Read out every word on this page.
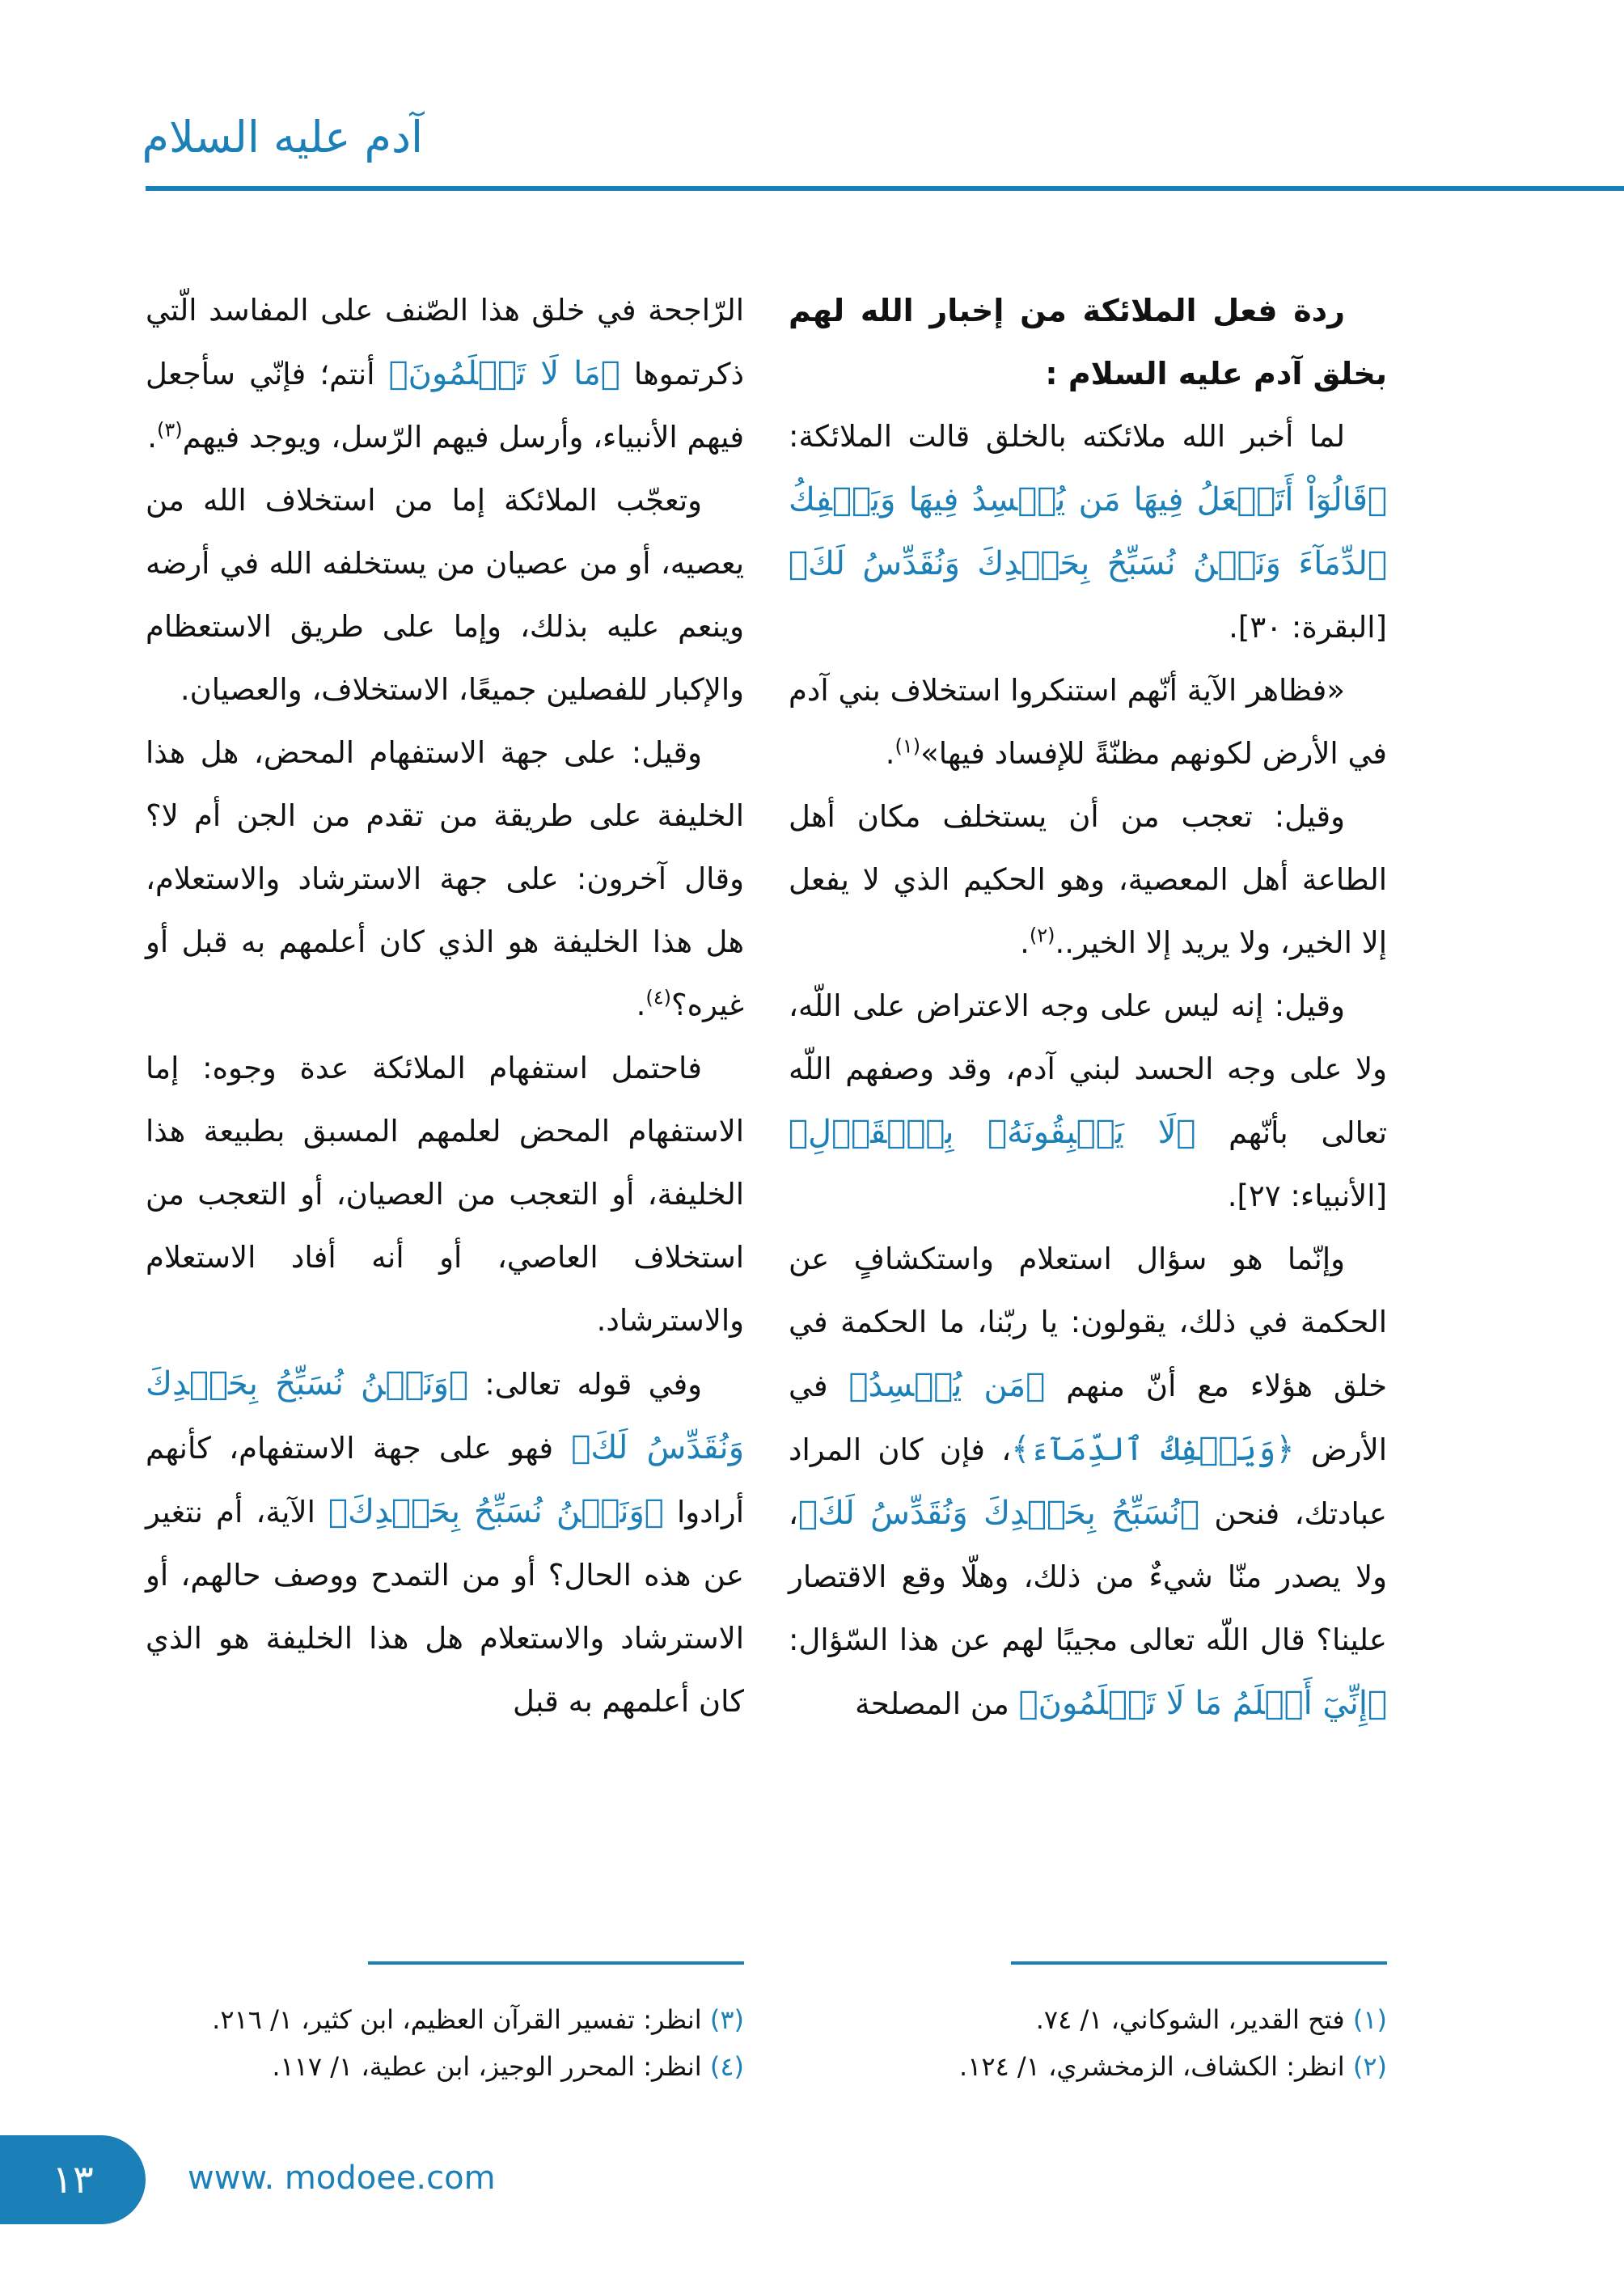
آدم عليه السلام

ردة فعل الملائكة من إخبار الله لهم بخلق آدم عليه السلام :

لما أخبر الله ملائكته بالخلق قالت الملائكة: ﴿قَالُوٓاْ أَتَجۡعَلُ فِيهَا مَن يُفۡسِدُ فِيهَا وَيَسۡفِكُ ٱلدِّمَآءَ وَنَحۡنُ نُسَبِّحُ بِحَمۡدِكَ وَنُقَدِّسُ لَكَ﴾ [البقرة: ٣٠].

«فظاهر الآية أنّهم استنكروا استخلاف بني آدم في الأرض لكونهم مظنّةً للإفساد فيها»$^{(١)}$.

وقيل: تعجب من أن يستخلف مكان أهل الطاعة أهل المعصية، وهو الحكيم الذي لا يفعل إلا الخير، ولا يريد إلا الخير..$^{(٢)}$.

وقيل: إنه ليس على وجه الاعتراض على اللّه، ولا على وجه الحسد لبني آدم، وقد وصفهم اللّه تعالى بأنّهم ﴿لَا يَسۡبِقُونَهُۥ بِٱلۡقَوۡلِ﴾ [الأنبياء: ٢٧].

وإنّما هو سؤال استعلام واستكشافٍ عن الحكمة في ذلك، يقولون: يا ربّنا، ما الحكمة في خلق هؤلاء مع أنّ منهم ﴿مَن يُفۡسِدُ﴾ في الأرض ﴿وَيَسۡفِكُ ٱلدِّمَآءَ﴾، فإن كان المراد عبادتك، فنحن ﴿نُسَبِّحُ بِحَمۡدِكَ وَنُقَدِّسُ لَكَ﴾، ولا يصدر منّا شيءٌ من ذلك، وهلّا وقع الاقتصار علينا؟ قال اللّه تعالى مجيبًا لهم عن هذا السّؤال: ﴿إِنِّيٓ أَعۡلَمُ مَا لَا تَعۡلَمُونَ﴾ من المصلحة

الرّاجحة في خلق هذا الصّنف على المفاسد الّتي ذكرتموها ﴿مَا لَا تَعۡلَمُونَ﴾ أنتم؛ فإنّي سأجعل فيهم الأنبياء، وأرسل فيهم الرّسل، ويوجد فيهم$^{(٣)}$.

وتعجّب الملائكة إما من استخلاف الله من يعصيه، أو من عصيان من يستخلفه الله في أرضه وينعم عليه بذلك، وإما على طريق الاستعظام والإكبار للفصلين جميعًا، الاستخلاف، والعصيان.

وقيل: على جهة الاستفهام المحض، هل هذا الخليفة على طريقة من تقدم من الجن أم لا؟ وقال آخرون: على جهة الاسترشاد والاستعلام، هل هذا الخليفة هو الذي كان أعلمهم به قبل أو غيره؟$^{(٤)}$.

فاحتمل استفهام الملائكة عدة وجوه: إما الاستفهام المحض لعلمهم المسبق بطبيعة هذا الخليفة، أو التعجب من العصيان، أو التعجب من استخلاف العاصي، أو أنه أفاد الاستعلام والاسترشاد.

وفي قوله تعالى: ﴿وَنَحۡنُ نُسَبِّحُ بِحَمۡدِكَ وَنُقَدِّسُ لَكَ﴾ فهو على جهة الاستفهام، كأنهم أرادوا ﴿وَنَحۡنُ نُسَبِّحُ بِحَمۡدِكَ﴾ الآية، أم نتغير عن هذه الحال؟ أو من التمدح ووصف حالهم، أو الاسترشاد والاستعلام هل هذا الخليفة هو الذي كان أعلمهم به قبل

(١) فتح القدير، الشوكاني، ١/ ٧٤.
(٢) انظر: الكشاف، الزمخشري، ١/ ١٢٤.
(٣) انظر: تفسير القرآن العظيم، ابن كثير، ١/ ٢١٦.
(٤) انظر: المحرر الوجيز، ابن عطية، ١/ ١١٧.
١٣	www. modoee.com
